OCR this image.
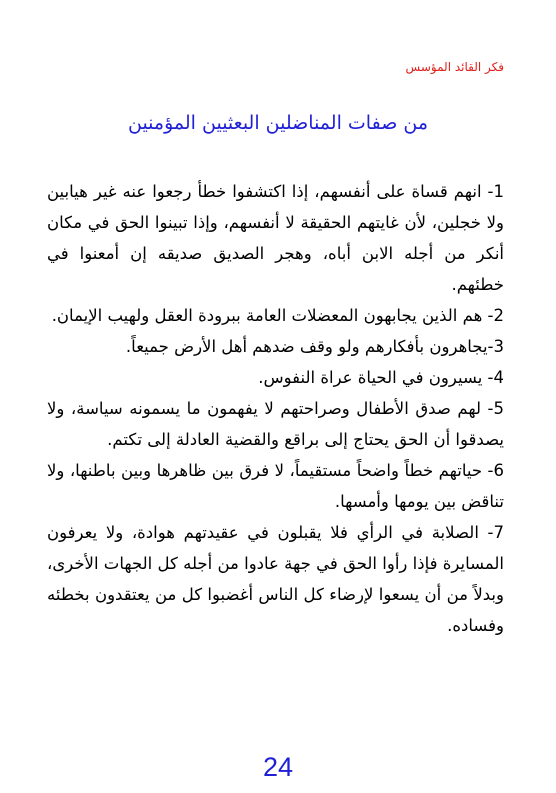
فكر القائد المؤسس
من صفات المناضلين البعثيين المؤمنين

1- انهم قساة على أنفسهم، إذا اكتشفوا خطأ رجعوا عنه غير هيابين ولا خجلين، لأن غايتهم الحقيقة لا أنفسهم، وإذا تبينوا الحق في مكان أنكر من أجله الابن أباه، وهجر الصديق صديقه إن أمعنوا في خطئهم.

2- هم الذين يجابهون المعضلات العامة ببرودة العقل ولهيب الإيمان.

3-يجاهرون بأفكارهم ولو وقف ضدهم أهل الأرض جميعاً.

4- يسيرون في الحياة عراة النفوس.

5- لهم صدق الأطفال وصراحتهم لا يفهمون ما يسمونه سياسة، ولا يصدقوا أن الحق يحتاج إلى براقع والقضية العادلة إلى تكتم.

6- حياتهم خطاً واضحاً مستقيماً، لا فرق بين ظاهرها وبين باطنها، ولا تناقض بين يومها وأمسها.

7- الصلابة في الرأي فلا يقبلون في عقيدتهم هوادة، ولا يعرفون المسايرة فإذا رأوا الحق في جهة عادوا من أجله كل الجهات الأخرى، وبدلاً من أن يسعوا لإرضاء كل الناس أغضبوا كل من يعتقدون بخطئه وفساده.

24
